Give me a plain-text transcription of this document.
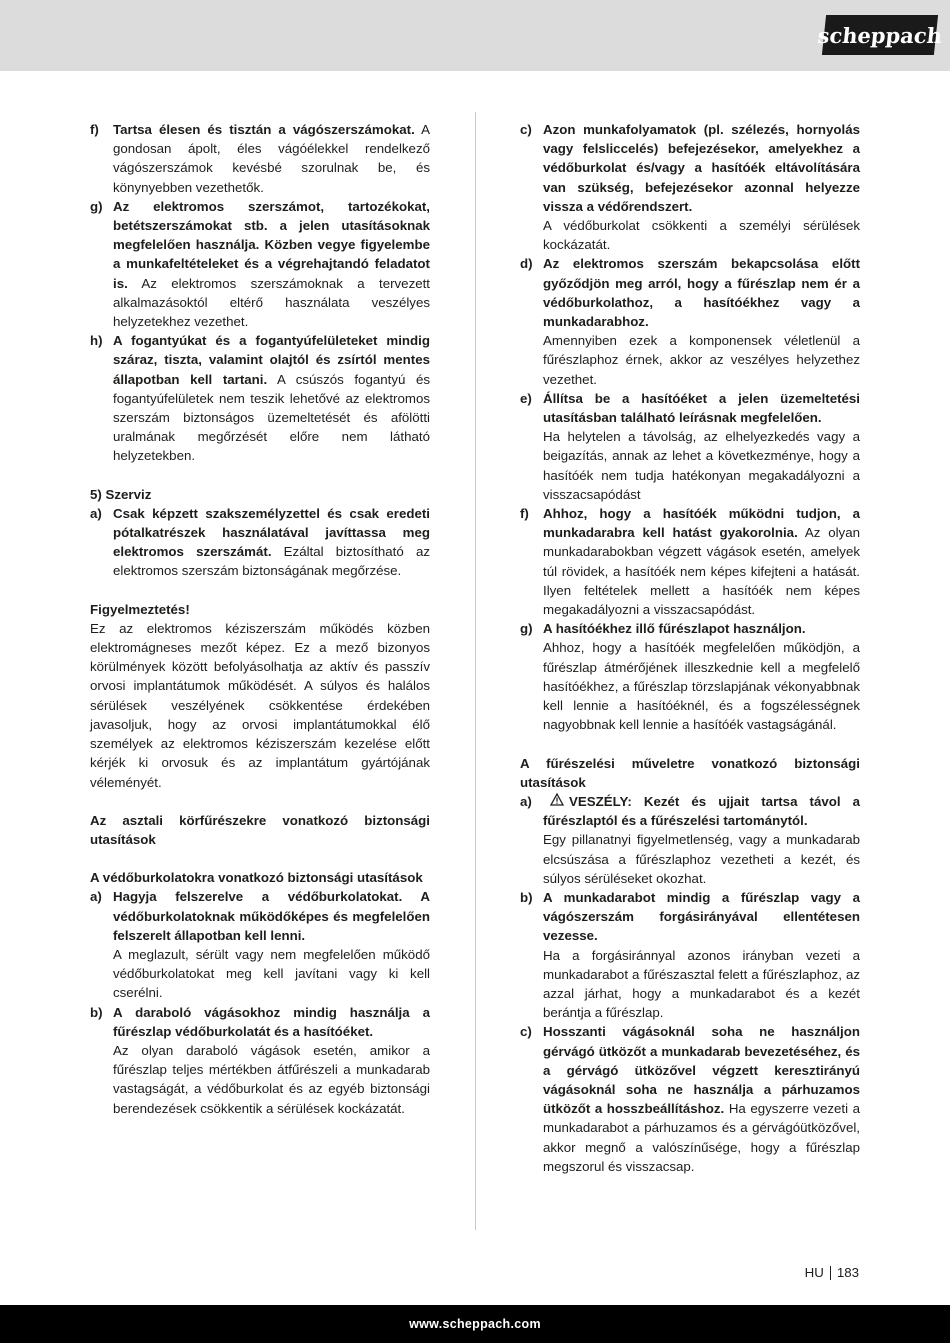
scheppach
f)	Tartsa élesen és tisztán a vágószerszámokat. A gondosan ápolt, éles vágóélekkel rendelkező vágószerszámok kevésbé szorulnak be, és könynyebben vezethetők.
g) Az elektromos szerszámot, tartozékokat, betétszerszámokat stb. a jelen utasításoknak megfelelően használja. Közben vegye figyelembe a munkafeltételeket és a végrehajtandó feladatot is. Az elektromos szerszámoknak a tervezett alkalmazásoktól eltérő használata veszélyes helyzetekhez vezethet.
h) A fogantyúkat és a fogantyúfelületeket mindig száraz, tiszta, valamint olajtól és zsírtól mentes állapotban kell tartani. A csúszós fogantyú és fogantyúfelületek nem teszik lehetővé az elektromos szerszám biztonságos üzemeltetését és afölötti uralmának megőrzését előre nem látható helyzetekben.
5) Szerviz
a) Csak képzett szakszemélyzettel és csak eredeti pótalkatrészek használatával javíttassa meg elektromos szerszámát. Ezáltal biztosítható az elektromos szerszám biztonságának megőrzése.
Figyelmeztetés!
Ez az elektromos kéziszerszám működés közben elektromágneses mezőt képez. Ez a mező bizonyos körülmények között befolyásolhatja az aktív és passzív orvosi implantátumok működését. A súlyos és halálos sérülések veszélyének csökkentése érdekében javasoljuk, hogy az orvosi implantátumokkal élő személyek az elektromos kéziszerszám kezelése előtt kérjék ki orvosuk és az implantátum gyártójának véleményét.
Az asztali körfűrészekre vonatkozó biztonsági utasítások
A védőburkolatokra vonatkozó biztonsági utasítások
a) Hagyja felszerelve a védőburkolatokat. A védőburkolatoknak működőképes és megfelelően felszerelt állapotban kell lenni.
A meglazult, sérült vagy nem megfelelően működő védőburkolatokat meg kell javítani vagy ki kell cserélni.
b) A daraboló vágásokhoz mindig használja a fűrészlap védőburkolatát és a hasítóéket.
Az olyan daraboló vágások esetén, amikor a fűrészlap teljes mértékben átfűrészeli a munkadarab vastagságát, a védőburkolat és az egyéb biztonsági berendezések csökkentik a sérülések kockázatát.
c) Azon munkafolyamatok (pl. szélezés, hornyolás vagy felsliccelés) befejezésekor, amelyekhez a védőburkolat és/vagy a hasítóék eltávolítására van szükség, befejezésekor azonnal helyezze vissza a védőrendszert.
A védőburkolat csökkenti a személyi sérülések kockázatát.
d) Az elektromos szerszám bekapcsolása előtt győződjön meg arról, hogy a fűrészlap nem ér a védőburkolathoz, a hasítóékhez vagy a munkadarabhoz.
Amennyiben ezek a komponensek véletlenül a fűrészlaphoz érnek, akkor az veszélyes helyzethez vezethet.
e) Állítsa be a hasítóéket a jelen üzemeltetési utasításban található leírásnak megfelelően.
Ha helytelen a távolság, az elhelyezkedés vagy a beigazítás, annak az lehet a következménye, hogy a hasítóék nem tudja hatékonyan megakadályozni a visszacsapódást
f)	Ahhoz, hogy a hasítóék működni tudjon, a munkadarabra kell hatást gyakorolnia. Az olyan munkadarabokban végzett vágások esetén, amelyek túl rövidek, a hasítóék nem képes kifejteni a hatását. Ilyen feltételek mellett a hasítóék nem képes megakadályozni a visszacsapódást.
g) A hasítóékhez illő fűrészlapot használjon.
Ahhoz, hogy a hasítóék megfelelően működjön, a fűrészlap átmérőjének illeszkednie kell a megfelelő hasítóékhez, a fűrészlap törzslapjának vékonyabbnak kell lennie a hasítóéknél, és a fogszélességnek nagyobbnak kell lennie a hasítóék vastagságánál.
A fűrészelési műveletre vonatkozó biztonsági utasítások
a)	VESZÉLY: Kezét és ujjait tartsa távol a fűrészlaptól és a fűrészelési tartománytól.
Egy pillanatnyi figyelmetlenség, vagy a munkadarab elcsúszása a fűrészlaphoz vezetheti a kezét, és súlyos sérüléseket okozhat.
b) A munkadarabot mindig a fűrészlap vagy a vágószerszám forgásirányával ellentétesen vezesse.
Ha a forgásiránnyal azonos irányban vezeti a munkadarabot a fűrészasztal felett a fűrészlaphoz, az azzal járhat, hogy a munkadarabot és a kezét berántja a fűrészlap.
c) Hosszanti vágásoknál soha ne használjon gérvágó ütközőt a munkadarab bevezetéséhez, és a gérvágó ütközővel végzett keresztirányú vágásoknál soha ne használja a párhuzamos ütközőt a hosszbeállításhoz. Ha egyszerre vezeti a munkadarabot a párhuzamos és a gérvágóütközővel, akkor megnő a valószínűsége, hogy a fűrészlap megszorul és visszacsap.
HU 183
www.scheppach.com
